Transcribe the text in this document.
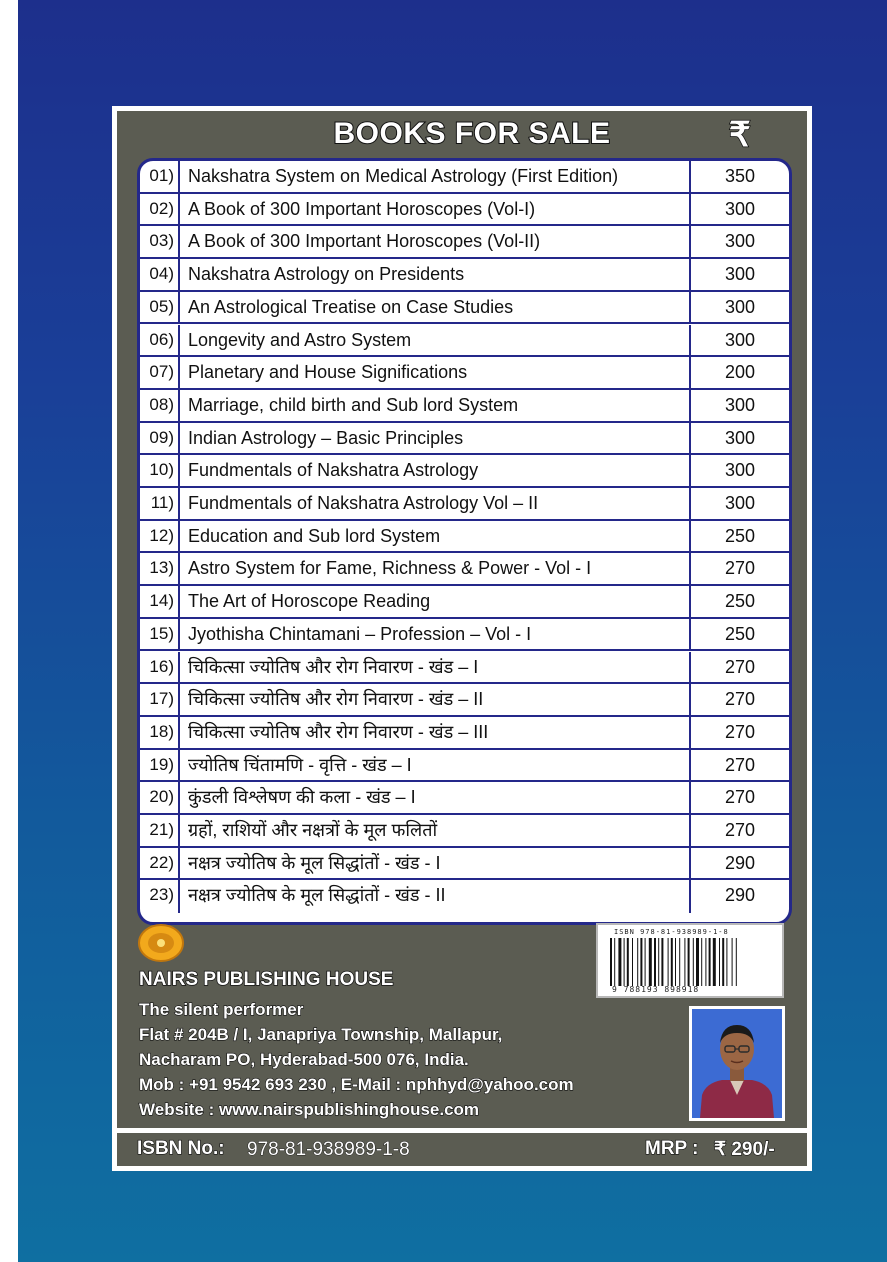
BOOKS FOR SALE	₹
01) Nakshatra System on Medical Astrology (First Edition)	350
02) A Book of 300 Important Horoscopes (Vol-I)	300
03) A Book of 300 Important Horoscopes (Vol-II)	300
04) Nakshatra Astrology on Presidents	300
05) An Astrological Treatise on Case Studies	300
06) Longevity and Astro System	300
07) Planetary and House Significations	200
08) Marriage, child birth and Sub lord System	300
09) Indian Astrology – Basic Principles	300
10) Fundmentals of Nakshatra Astrology	300
11) Fundmentals of Nakshatra Astrology Vol – II	300
12) Education and Sub lord System	250
13) Astro System for Fame, Richness & Power - Vol - I	270
14) The Art of Horoscope Reading	250
15) Jyothisha Chintamani – Profession – Vol - I	250
16) चिकित्सा ज्योतिष और रोग निवारण - खंड – I	270
17) चिकित्सा ज्योतिष और रोग निवारण - खंड – II	270
18) चिकित्सा ज्योतिष और रोग निवारण - खंड – III	270
19) ज्योतिष चिंतामणि - वृत्ति - खंड – I	270
20) कुंडली विश्लेषण की कला - खंड – I	270
21) ग्रहों, राशियों और नक्षत्रों के मूल फलितों	270
22) नक्षत्र ज्योतिष के मूल सिद्धांतों - खंड - I	290
23) नक्षत्र ज्योतिष के मूल सिद्धांतों - खंड - II	290
ISBN 978-81-938989-1-8
9 788193 898918
NAIRS PUBLISHING HOUSE
The silent performer
Flat # 204B / I, Janapriya Township, Mallapur,
Nacharam PO, Hyderabad-500 076, India.
Mob : +91 9542 693 230 , E-Mail : nphhyd@yahoo.com
Website : www.nairspublishinghouse.com
ISBN No.: 978-81-938989-1-8	MRP : ₹ 290/-
